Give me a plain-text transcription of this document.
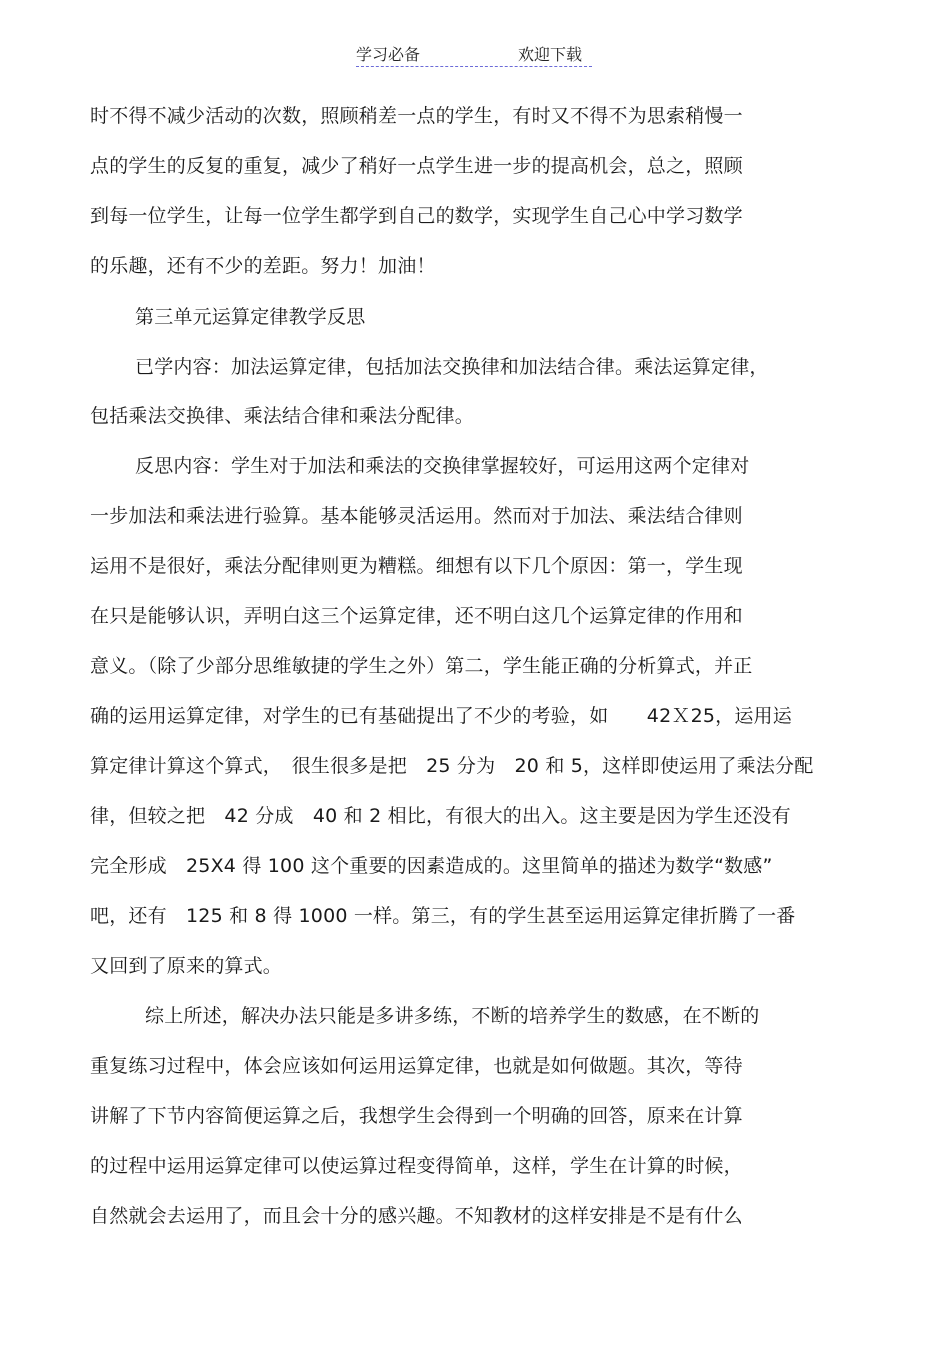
学习必备	欢迎下载
时不得不减少活动的次数，照顾稍差一点的学生，有时又不得不为思索稍慢一
点的学生的反复的重复，减少了稍好一点学生进一步的提高机会，总之，照顾
到每一位学生，让每一位学生都学到自己的数学，实现学生自己心中学习数学
的乐趣，还有不少的差距。努力！加油！
第三单元运算定律教学反思
已学内容：加法运算定律，包括加法交换律和加法结合律。乘法运算定律，
包括乘法交换律、乘法结合律和乘法分配律。
反思内容：学生对于加法和乘法的交换律掌握较好，可运用这两个定律对
一步加法和乘法进行验算。基本能够灵活运用。然而对于加法、乘法结合律则
运用不是很好，乘法分配律则更为糟糕。细想有以下几个原因：第一，学生现
在只是能够认识，弄明白这三个运算定律，还不明白这几个运算定律的作用和
意义。（除了少部分思维敏捷的学生之外）第二，学生能正确的分析算式，并正
确的运用运算定律，对学生的已有基础提出了不少的考验，如　　42Ｘ25，运用运
算定律计算这个算式，　很生很多是把　25 分为　20 和 5，这样即使运用了乘法分配
律，但较之把　42 分成　40 和 2 相比，有很大的出入。这主要是因为学生还没有
完全形成　25X4 得 100 这个重要的因素造成的。这里简单的描述为数学“数感”
吧，还有　125 和 8 得 1000 一样。第三，有的学生甚至运用运算定律折腾了一番
又回到了原来的算式。
综上所述，解决办法只能是多讲多练，不断的培养学生的数感，在不断的
重复练习过程中，体会应该如何运用运算定律，也就是如何做题。其次，等待
讲解了下节内容简便运算之后，我想学生会得到一个明确的回答，原来在计算
的过程中运用运算定律可以使运算过程变得简单，这样，学生在计算的时候，
自然就会去运用了，而且会十分的感兴趣。不知教材的这样安排是不是有什么
